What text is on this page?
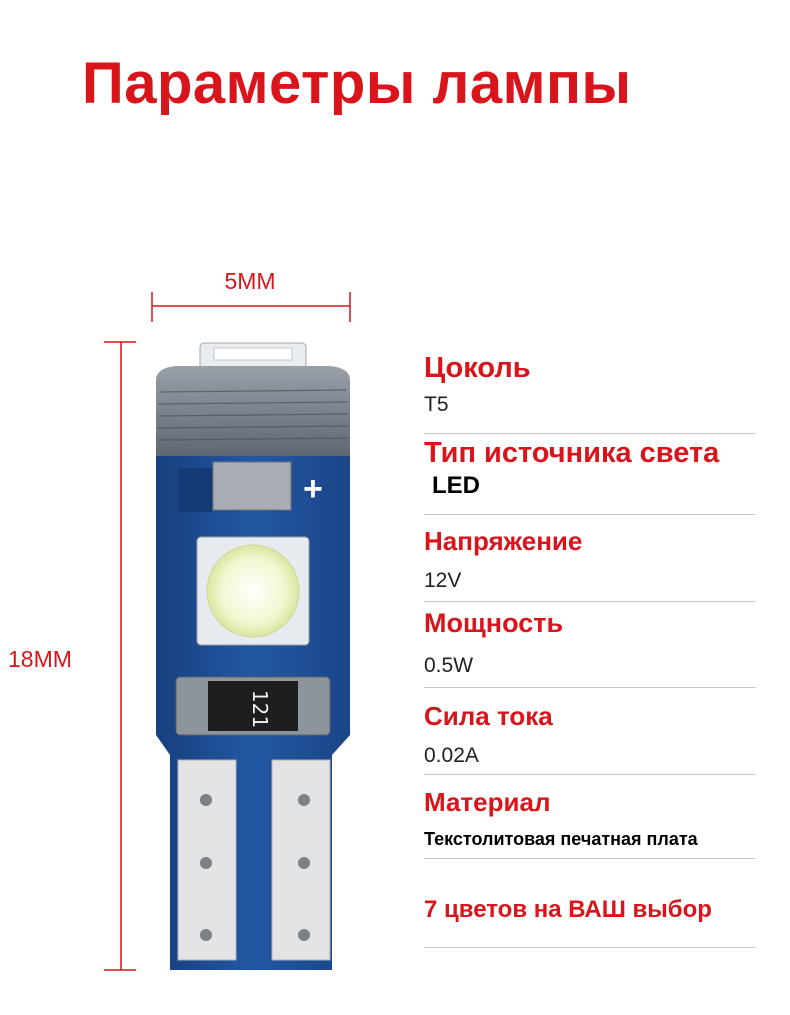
Параметры лампы
5MM
18MM
121
+
Цоколь
T5
Тип источника света
LED
Напряжение
12V
Мощность
0.5W
Сила тока
0.02A
Материал
Текстолитовая печатная плата
7 цветов на ВАШ выбор
